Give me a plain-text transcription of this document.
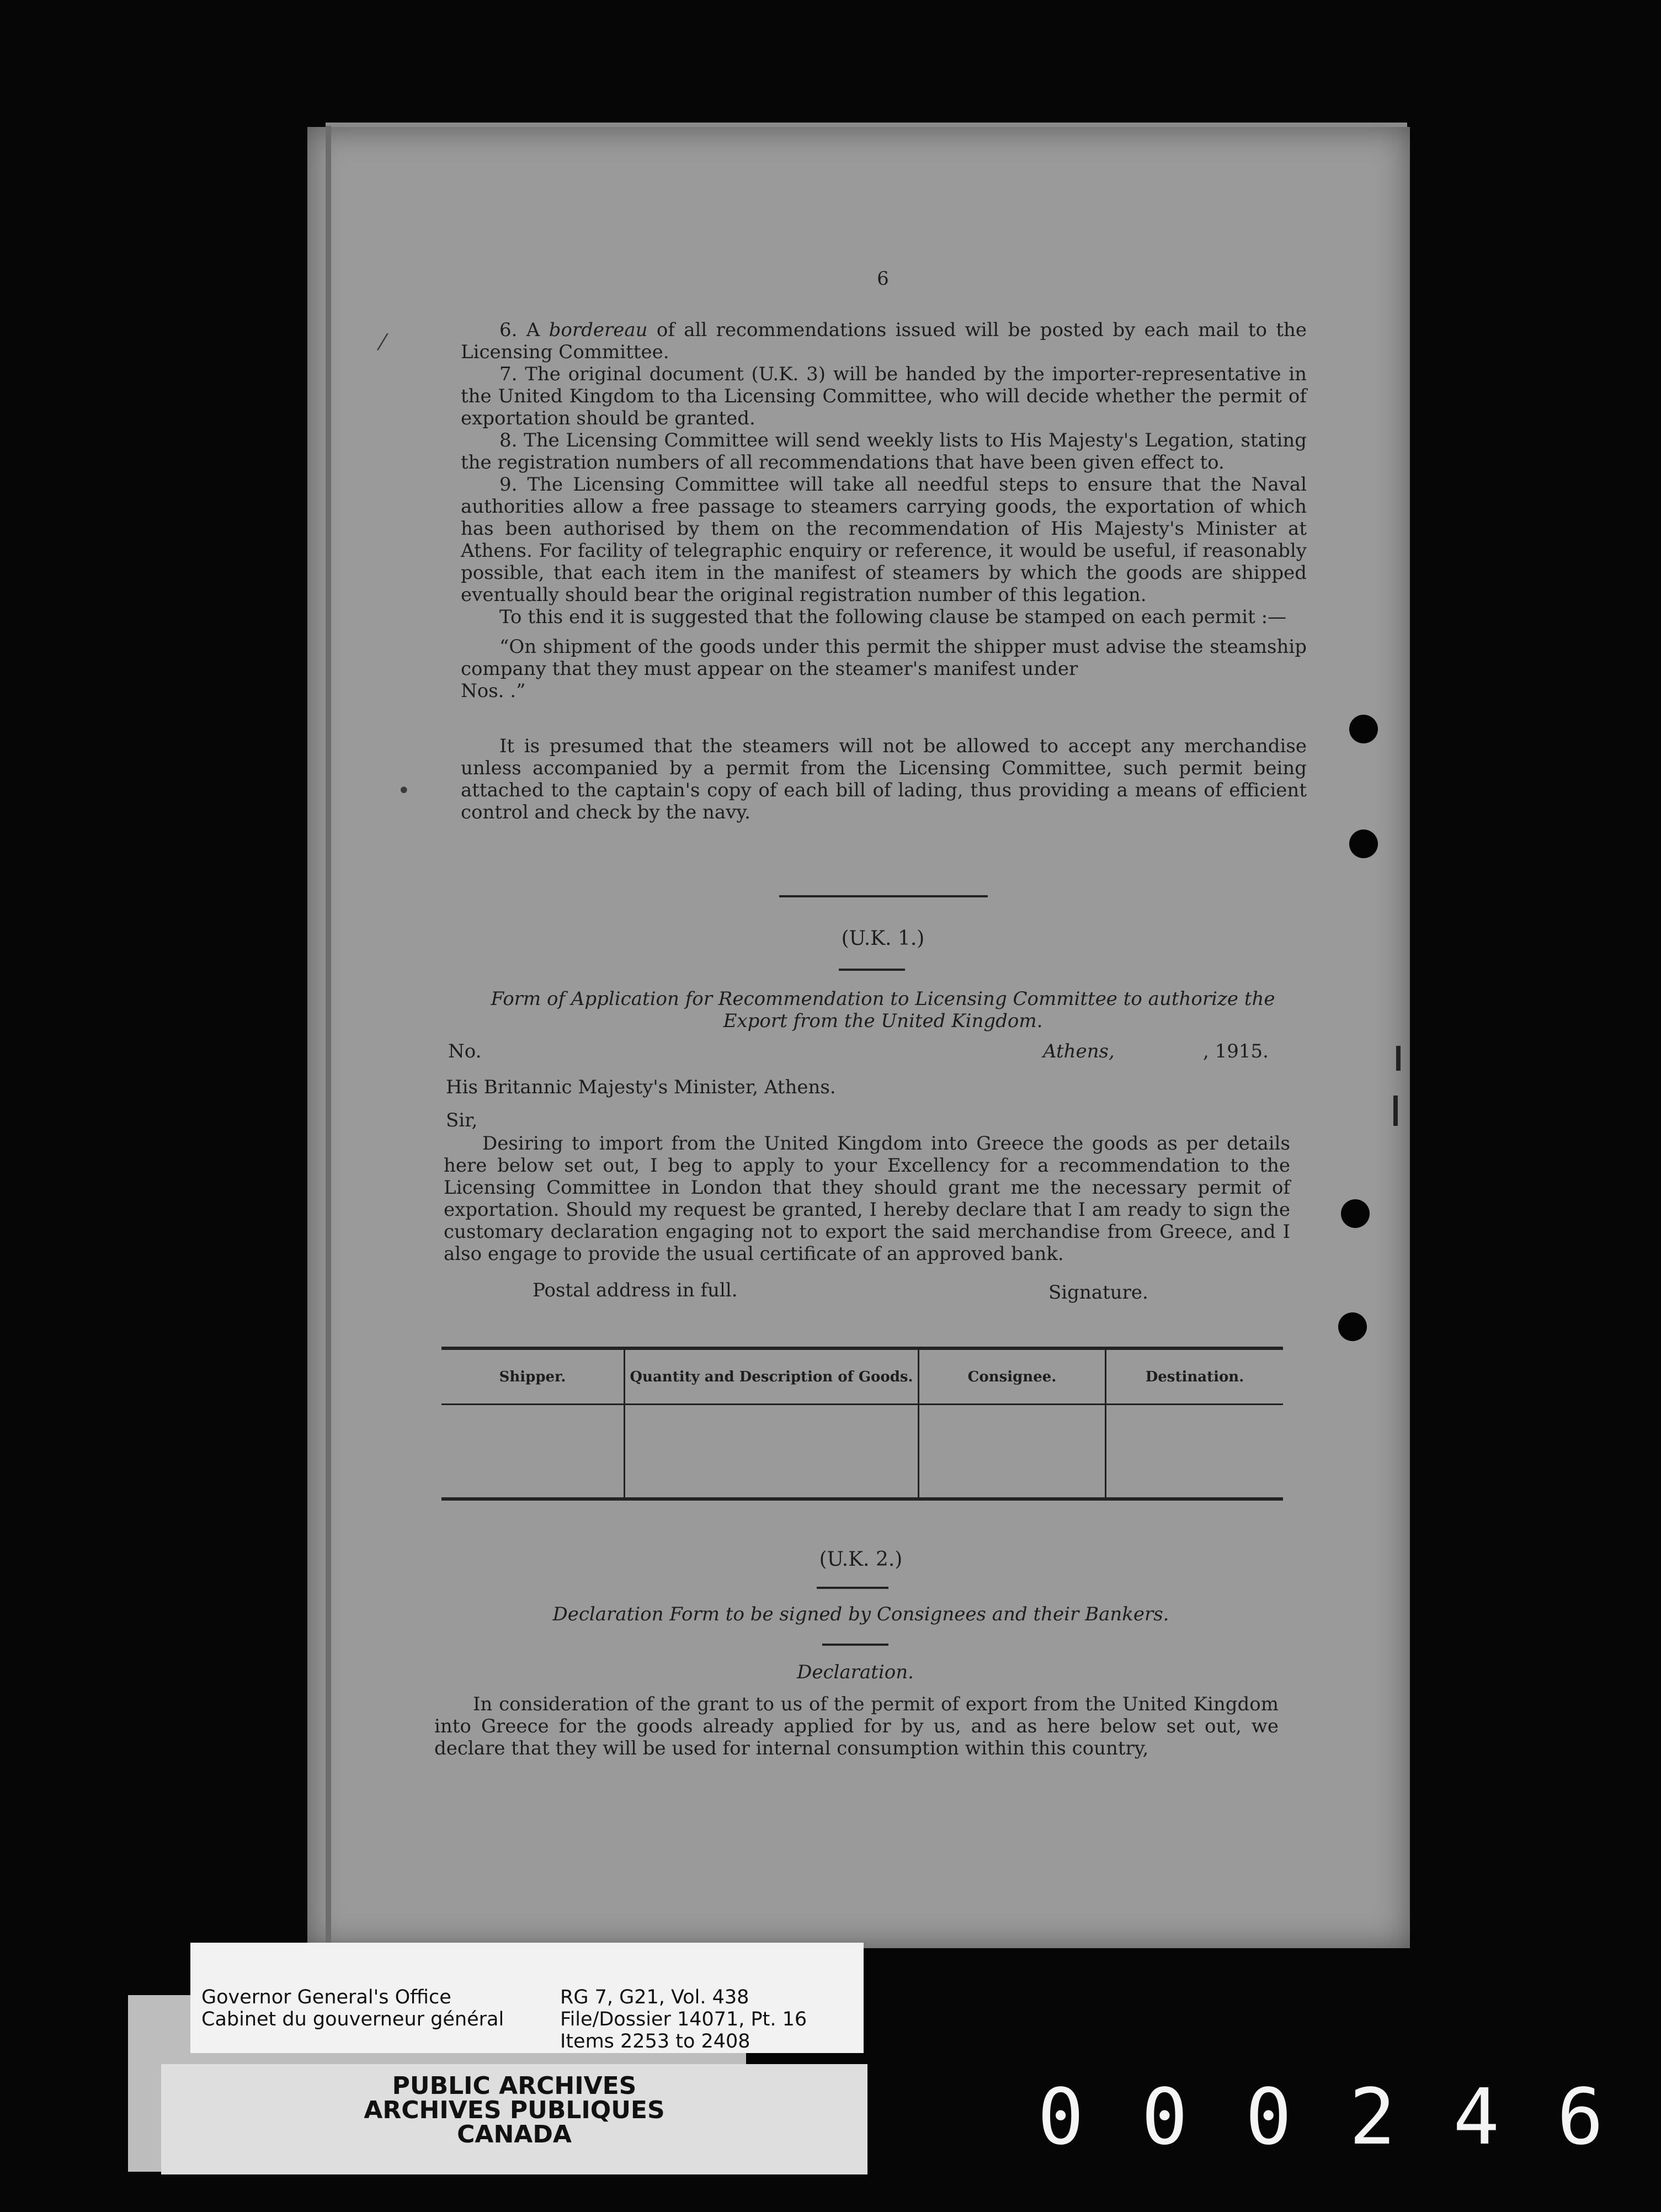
6

6. A bordereau of all recommendations issued will be posted by each mail to the Licensing Committee.

7. The original document (U.K. 3) will be handed by the importer-representative in the United Kingdom to tha Licensing Committee, who will decide whether the permit of exportation should be granted.

8. The Licensing Committee will send weekly lists to His Majesty's Legation, stating the registration numbers of all recommendations that have been given effect to.

9. The Licensing Committee will take all needful steps to ensure that the Naval authorities allow a free passage to steamers carrying goods, the exportation of which has been authorised by them on the recommendation of His Majesty's Minister at Athens. For facility of telegraphic enquiry or reference, it would be useful, if reasonably possible, that each item in the manifest of steamers by which the goods are shipped eventually should bear the original registration number of this legation.

To this end it is suggested that the following clause be stamped on each permit :—

“On shipment of the goods under this permit the shipper must advise the steamship company that they must appear on the steamer's manifest under

Nos. .”

It is presumed that the steamers will not be allowed to accept any merchandise unless accompanied by a permit from the Licensing Committee, such permit being attached to the captain's copy of each bill of lading, thus providing a means of efficient control and check by the navy.

(U.K. 1.)
Form of Application for Recommendation to Licensing Committee to authorize the
Export from the United Kingdom.
No.	Athens,	, 1915.
His Britannic Majesty's Minister, Athens.
Sir,

Desiring to import from the United Kingdom into Greece the goods as per details here below set out, I beg to apply to your Excellency for a recommendation to the Licensing Committee in London that they should grant me the necessary permit of exportation. Should my request be granted, I hereby declare that I am ready to sign the customary declaration engaging not to export the said merchandise from Greece, and I also engage to provide the usual certificate of an approved bank.

Postal address in full.	Signature.
Shipper.	Quantity and Description of Goods.	Consignee.	Destination.

(U.K. 2.)
Declaration Form to be signed by Consignees and their Bankers.
Declaration.

In consideration of the grant to us of the permit of export from the United Kingdom into Greece for the goods already applied for by us, and as here below set out, we declare that they will be used for internal consumption within this country,

⁄
•
Governor General's Office
Cabinet du gouverneur général
RG 7, G21, Vol. 438
File/Dossier 14071, Pt. 16
Items 2253 to 2408
PUBLIC ARCHIVES
ARCHIVES PUBLIQUES
CANADA	000246
